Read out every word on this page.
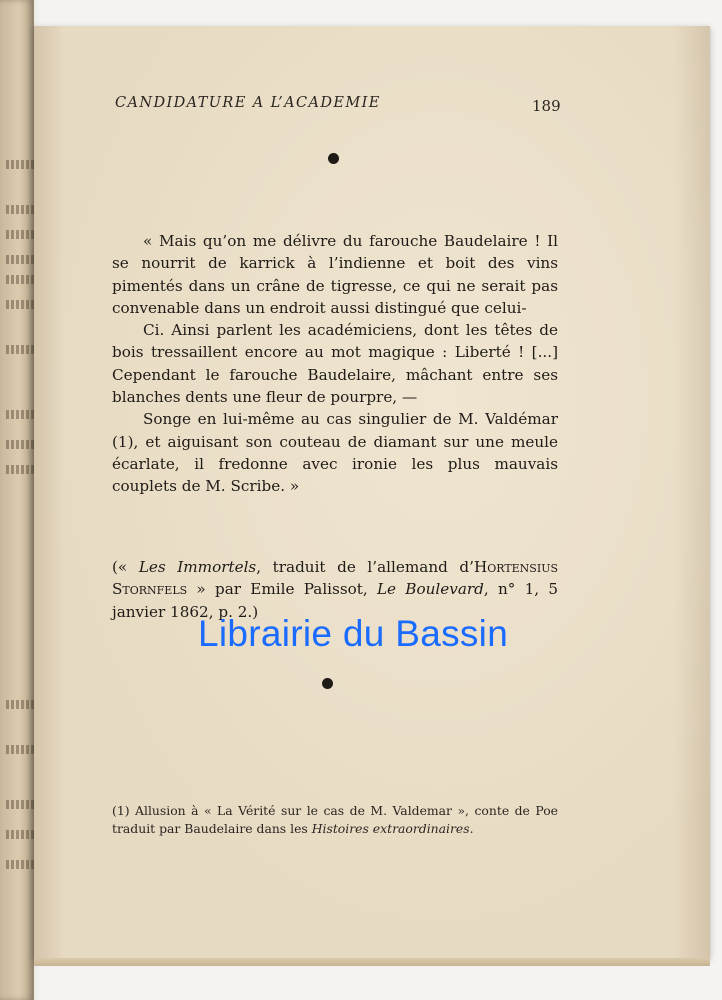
CANDIDATURE A L’ACADEMIE	189

« Mais qu’on me délivre du farouche Baudelaire ! Il se nourrit de karrick à l’indienne et boit des vins pimentés dans un crâne de tigresse, ce qui ne serait pas convenable dans un endroit aussi distingué que celui-

Ci. Ainsi parlent les académiciens, dont les têtes de bois tressaillent encore au mot magique : Liberté ! [...] Cependant le farouche Baudelaire, mâchant entre ses blanches dents une fleur de pourpre, —

Songe en lui-même au cas singulier de M. Valdémar (1), et aiguisant son couteau de diamant sur une meule écarlate, il fredonne avec ironie les plus mauvais couplets de M. Scribe. »

(« Les Immortels, traduit de l’allemand d’Hortensius Stornfels » par Emile Palissot, Le Boulevard, n° 1, 5 janvier 1862, p. 2.)
Librairie du Bassin
(1) Allusion à « La Vérité sur le cas de M. Valdemar », conte de Poe traduit par Baudelaire dans les Histoires extraordinaires.
